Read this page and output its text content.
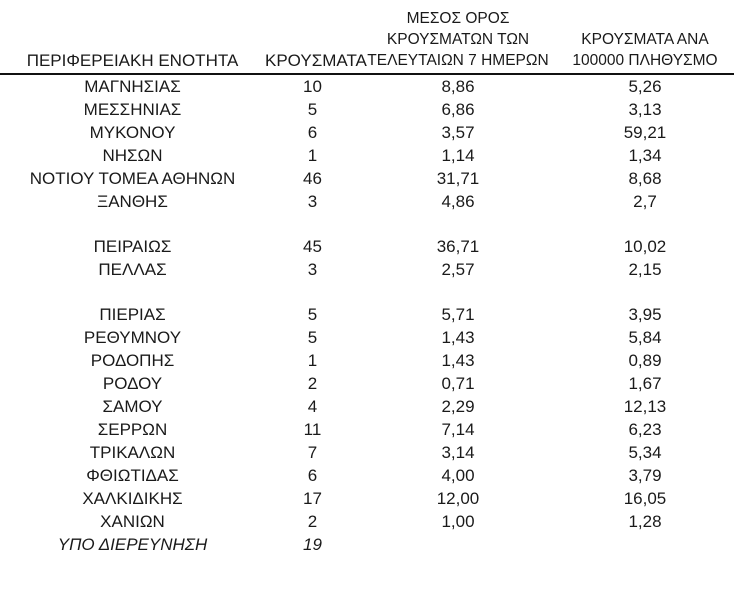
ΠΕΡΙΦΕΡΕΙΑΚΗ ΕΝΟΤΗΤΑ	ΚΡΟΥΣΜΑΤΑ	ΜΕΣΟΣ ΟΡΟΣ
ΚΡΟΥΣΜΑΤΩΝ ΤΩΝ
ΤΕΛΕΥΤΑΙΩΝ 7 ΗΜΕΡΩΝ	ΚΡΟΥΣΜΑΤΑ ΑΝΑ
100000 ΠΛΗΘΥΣΜΟ

ΜΑΓΝΗΣΙΑΣ	10	8,86	5,26
ΜΕΣΣΗΝΙΑΣ	5	6,86	3,13
ΜΥΚΟΝΟΥ	6	3,57	59,21
ΝΗΣΩΝ	1	1,14	1,34
ΝΟΤΙΟΥ ΤΟΜΕΑ ΑΘΗΝΩΝ	46	31,71	8,68
ΞΑΝΘΗΣ	3	4,86	2,7

ΠΕΙΡΑΙΩΣ	45	36,71	10,02
ΠΕΛΛΑΣ	3	2,57	2,15

ΠΙΕΡΙΑΣ	5	5,71	3,95
ΡΕΘΥΜΝΟΥ	5	1,43	5,84
ΡΟΔΟΠΗΣ	1	1,43	0,89
ΡΟΔΟΥ	2	0,71	1,67
ΣΑΜΟΥ	4	2,29	12,13
ΣΕΡΡΩΝ	11	7,14	6,23
ΤΡΙΚΑΛΩΝ	7	3,14	5,34
ΦΘΙΩΤΙΔΑΣ	6	4,00	3,79
ΧΑΛΚΙΔΙΚΗΣ	17	12,00	16,05
ΧΑΝΙΩΝ	2	1,00	1,28
ΥΠΟ ΔΙΕΡΕΥΝΗΣΗ	19		
